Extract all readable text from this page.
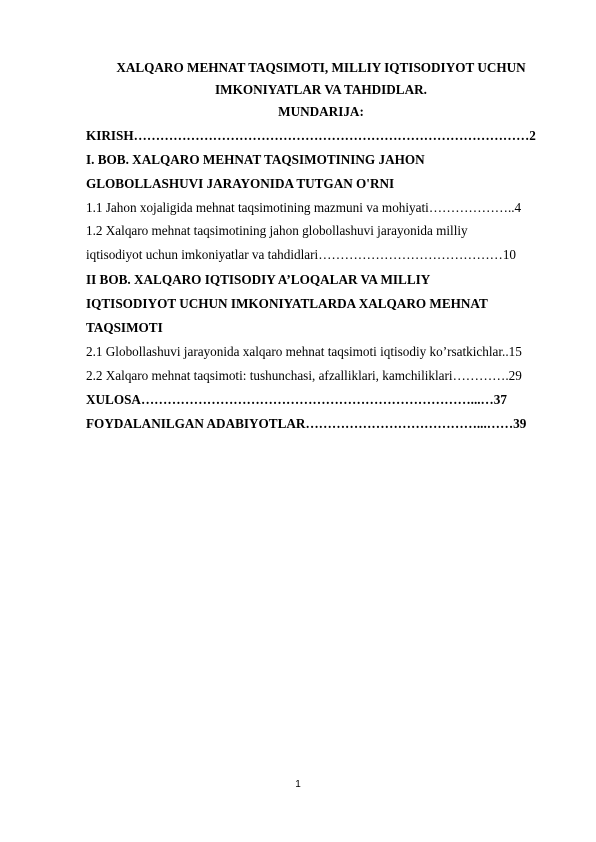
XALQARO MEHNAT TAQSIMOTI, MILLIY IQTISODIYOT UCHUN
IMKONIYATLAR VA TAHDIDLAR.
MUNDARIJA:
KIRISH………………………………………………………………………………2
I. BOB. XALQARO MEHNAT TAQSIMOTINING JAHON
GLOBOLLASHUVI JARAYONIDA TUTGAN O'RNI
1.1 Jahon xojaligida mehnat taqsimotining mazmuni va mohiyati………………..4
1.2 Xalqaro mehnat taqsimotining jahon globollashuvi jarayonida milliy
iqtisodiyot uchun imkoniyatlar va tahdidlari……………………………………10
II BOB. XALQARO IQTISODIY A’LOQALAR VA MILLIY
IQTISODIYOT UCHUN IMKONIYATLARDA XALQARO MEHNAT
TAQSIMOTI
2.1 Globollashuvi jarayonida xalqaro mehnat taqsimoti iqtisodiy ko’rsatkichlar..15
2.2 Xalqaro mehnat taqsimoti: tushunchasi, afzalliklari, kamchiliklari………….29
XULOSA…………………………………………………………………...…37
FOYDALANILGAN ADABIYOTLAR…………………………………...……39
1
